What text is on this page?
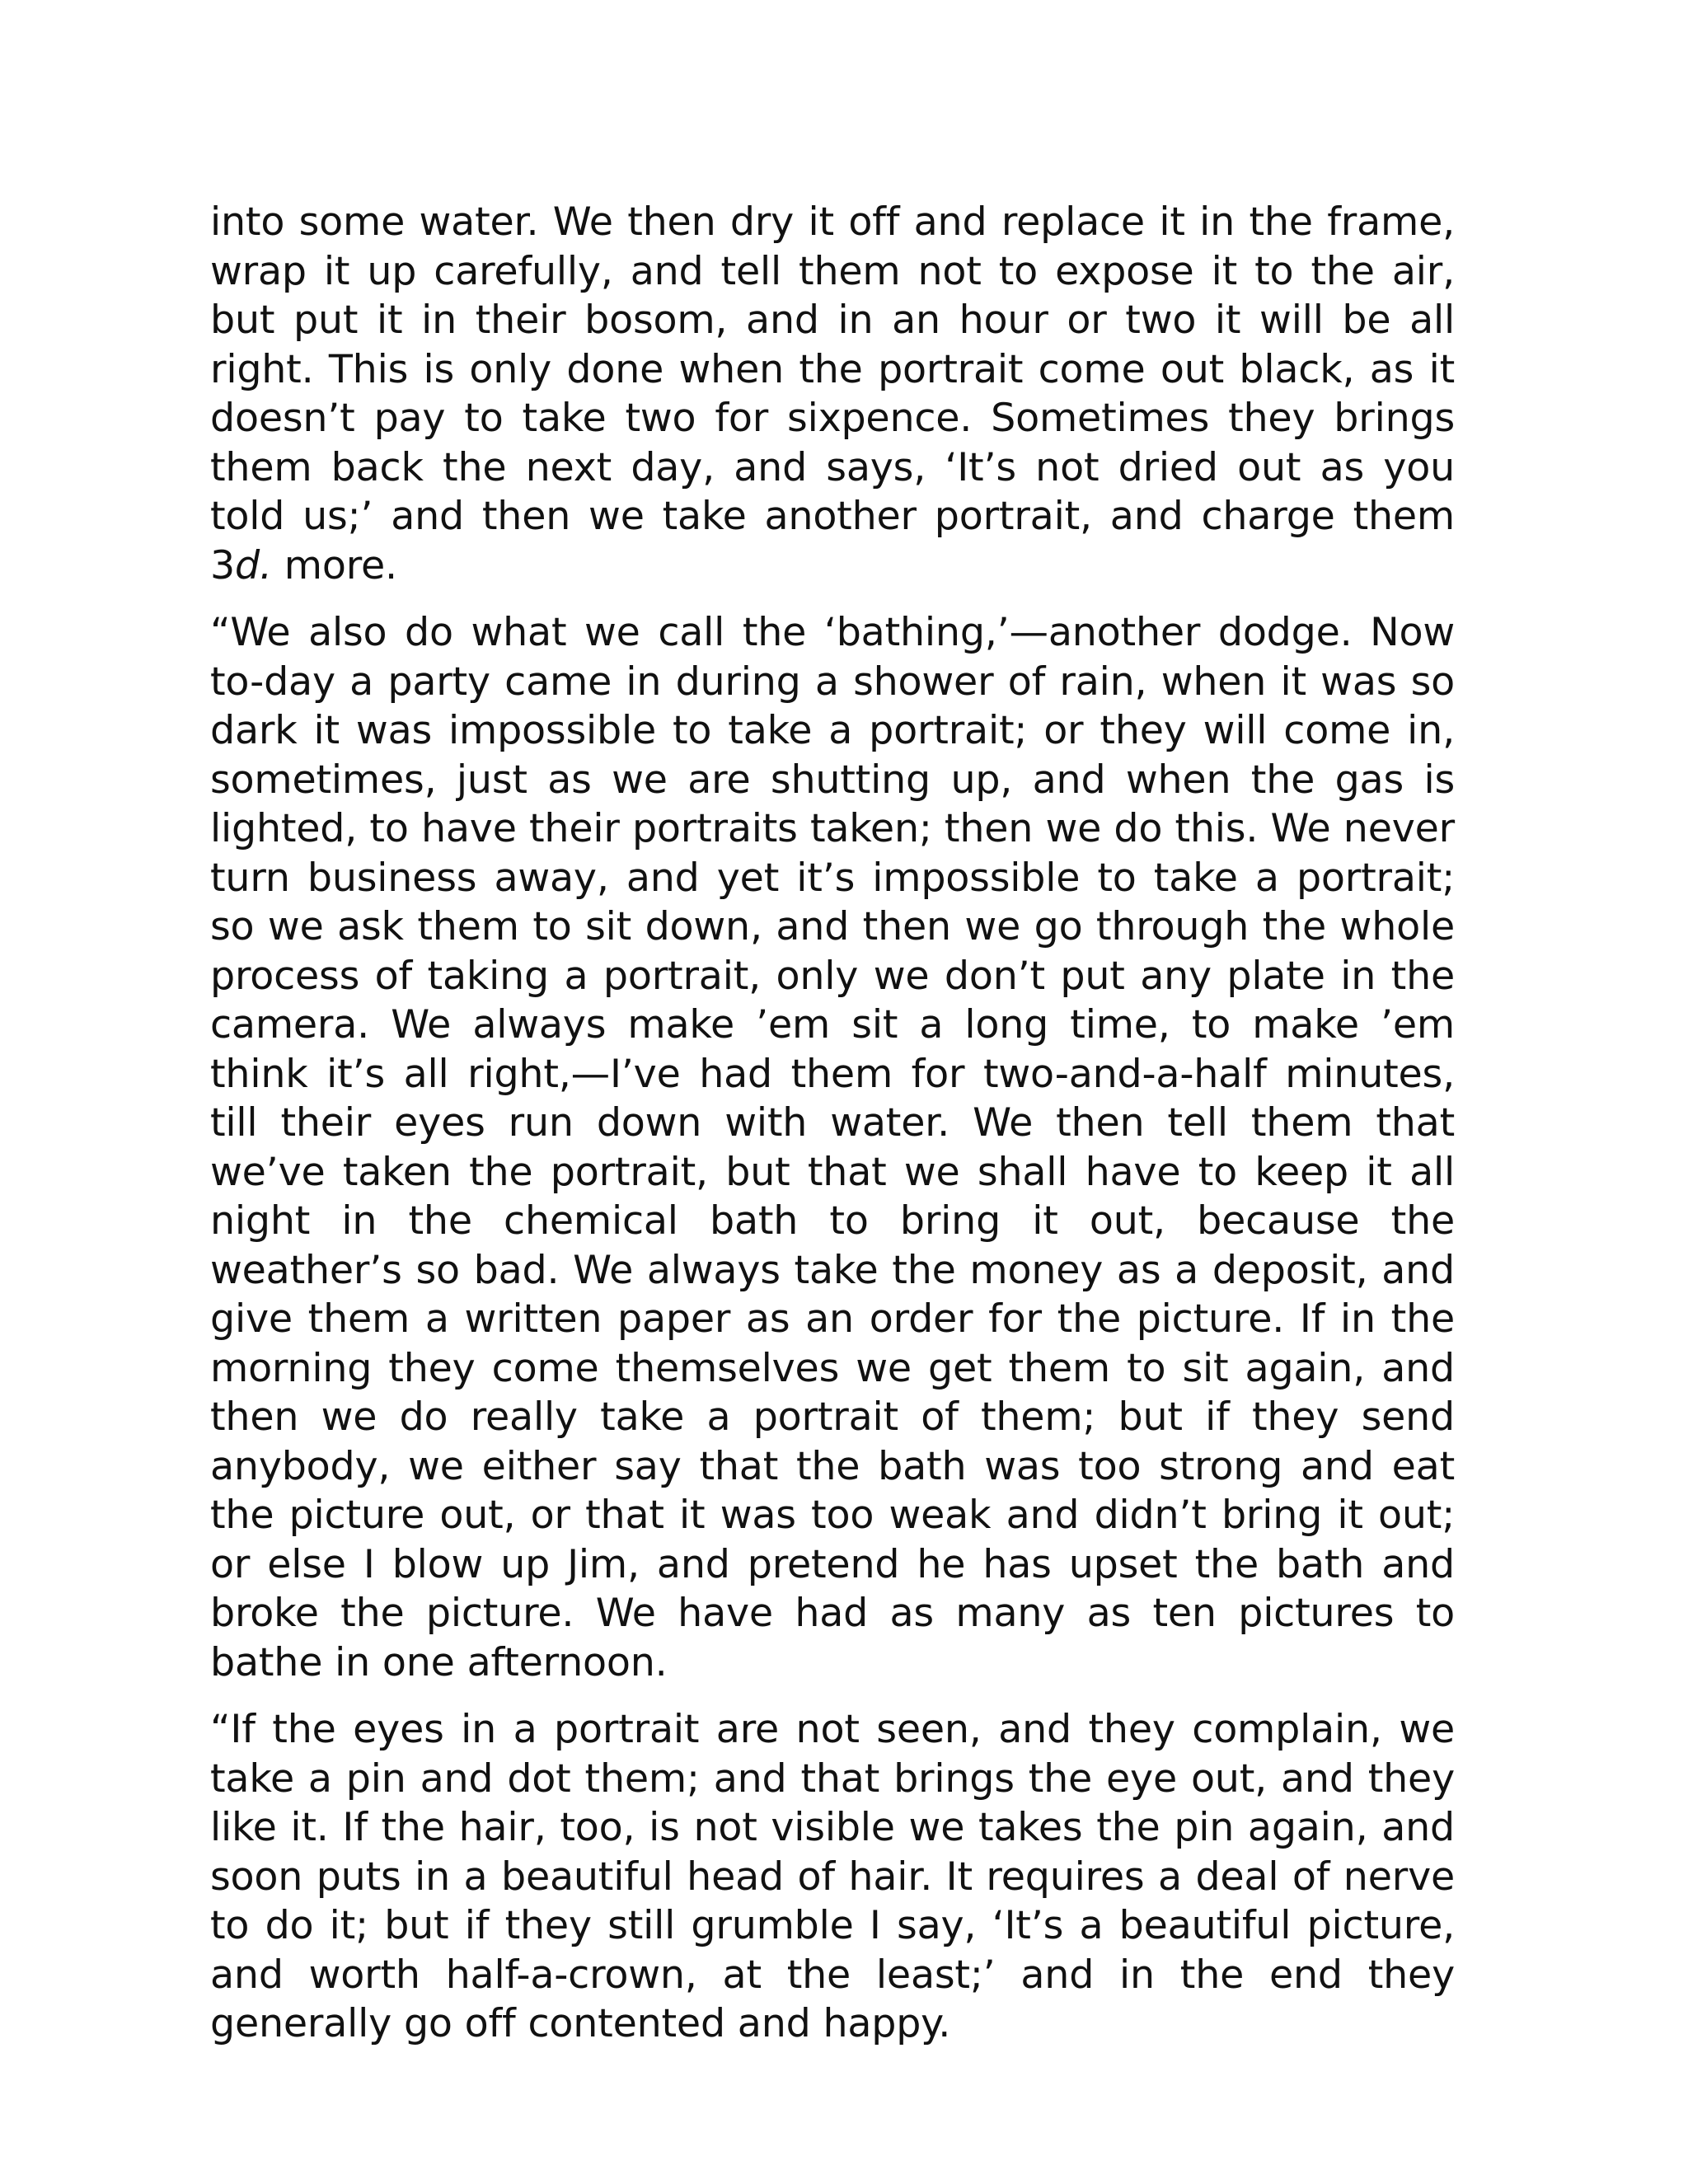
into some water. We then dry it off and replace it in the frame, wrap it up carefully, and tell them not to expose it to the air, but put it in their bosom, and in an hour or two it will be all right. This is only done when the portrait come out black, as it doesn’t pay to take two for sixpence. Sometimes they brings them back the next day, and says, ‘It’s not dried out as you told us;’ and then we take another portrait, and charge them 3d. more.

“We also do what we call the ‘bathing,’—another dodge. Now to-day a party came in during a shower of rain, when it was so dark it was impossible to take a portrait; or they will come in, sometimes, just as we are shutting up, and when the gas is lighted, to have their portraits taken; then we do this. We never turn business away, and yet it’s impossible to take a portrait; so we ask them to sit down, and then we go through the whole process of taking a portrait, only we don’t put any plate in the camera. We always make ’em sit a long time, to make ’em think it’s all right,—I’ve had them for two-and-a-half minutes, till their eyes run down with water. We then tell them that we’ve taken the portrait, but that we shall have to keep it all night in the chemical bath to bring it out, because the weather’s so bad. We always take the money as a deposit, and give them a written paper as an order for the picture. If in the morning they come themselves we get them to sit again, and then we do really take a portrait of them; but if they send anybody, we either say that the bath was too strong and eat the picture out, or that it was too weak and didn’t bring it out; or else I blow up Jim, and pretend he has upset the bath and broke the picture. We have had as many as ten pictures to bathe in one afternoon.

“If the eyes in a portrait are not seen, and they complain, we take a pin and dot them; and that brings the eye out, and they like it. If the hair, too, is not visible we takes the pin again, and soon puts in a beautiful head of hair. It requires a deal of nerve to do it; but if they still grumble I say, ‘It’s a beautiful picture, and worth half-a-crown, at the least;’ and in the end they generally go off contented and happy.
